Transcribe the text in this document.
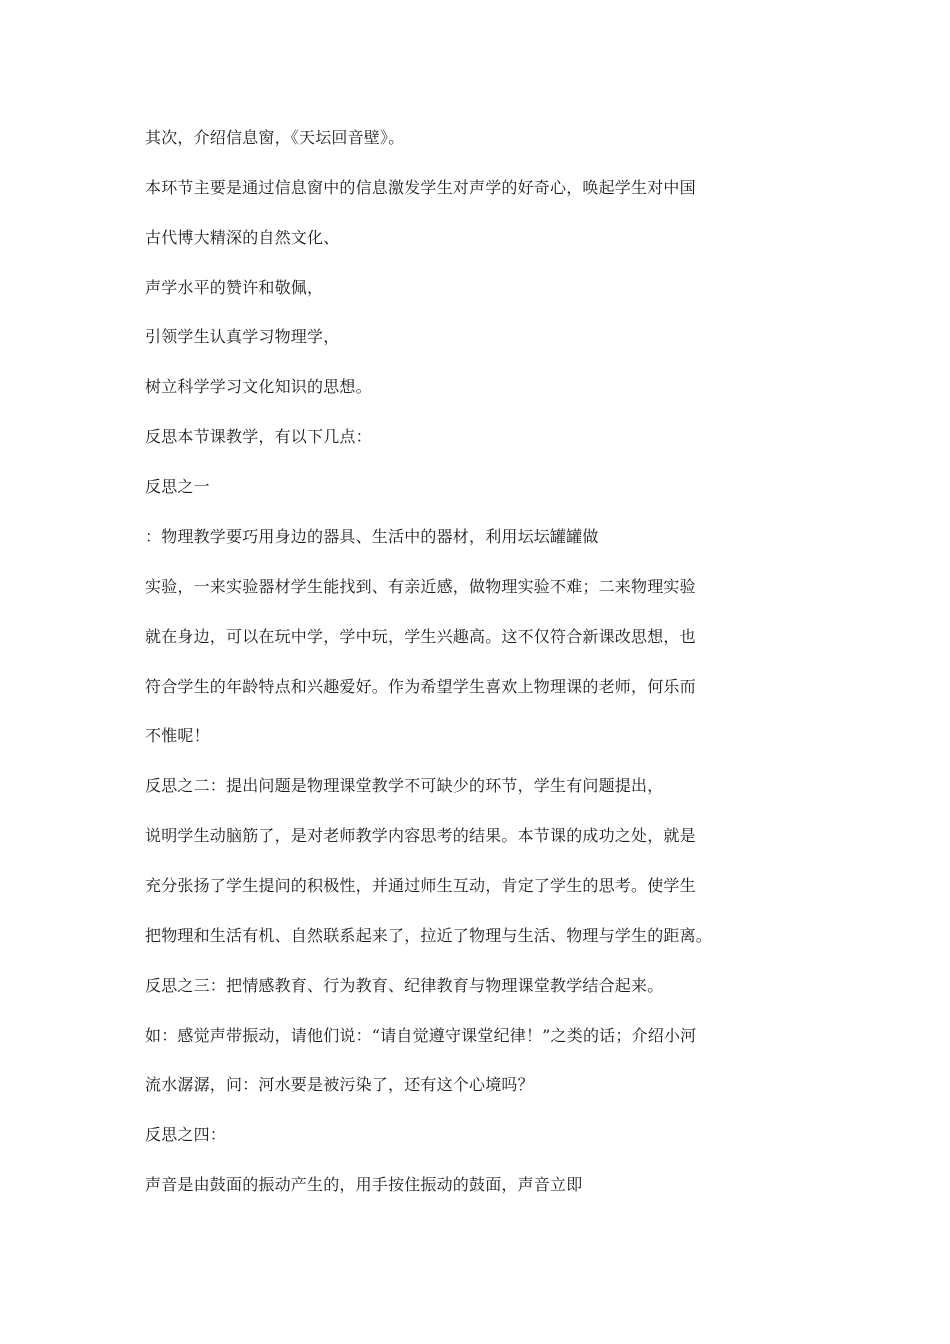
其次，介绍信息窗，《天坛回音壁》。

本环节主要是通过信息窗中的信息激发学生对声学的好奇心，唤起学生对中国

古代博大精深的自然文化、

声学水平的赞许和敬佩，

引领学生认真学习物理学，

树立科学学习文化知识的思想。

反思本节课教学，有以下几点：

反思之一

：物理教学要巧用身边的器具、生活中的器材，利用坛坛罐罐做

实验，一来实验器材学生能找到、有亲近感，做物理实验不难；二来物理实验

就在身边，可以在玩中学，学中玩，学生兴趣高。这不仅符合新课改思想，也

符合学生的年龄特点和兴趣爱好。作为希望学生喜欢上物理课的老师，何乐而

不惟呢！

反思之二：提出问题是物理课堂教学不可缺少的环节，学生有问题提出，

说明学生动脑筋了，是对老师教学内容思考的结果。本节课的成功之处，就是

充分张扬了学生提问的积极性，并通过师生互动，肯定了学生的思考。使学生

把物理和生活有机、自然联系起来了，拉近了物理与生活、物理与学生的距离。

反思之三：把情感教育、行为教育、纪律教育与物理课堂教学结合起来。

如：感觉声带振动，请他们说：“请自觉遵守课堂纪律！”之类的话；介绍小河

流水潺潺，问：河水要是被污染了，还有这个心境吗？

反思之四：

声音是由鼓面的振动产生的，用手按住振动的鼓面，声音立即
